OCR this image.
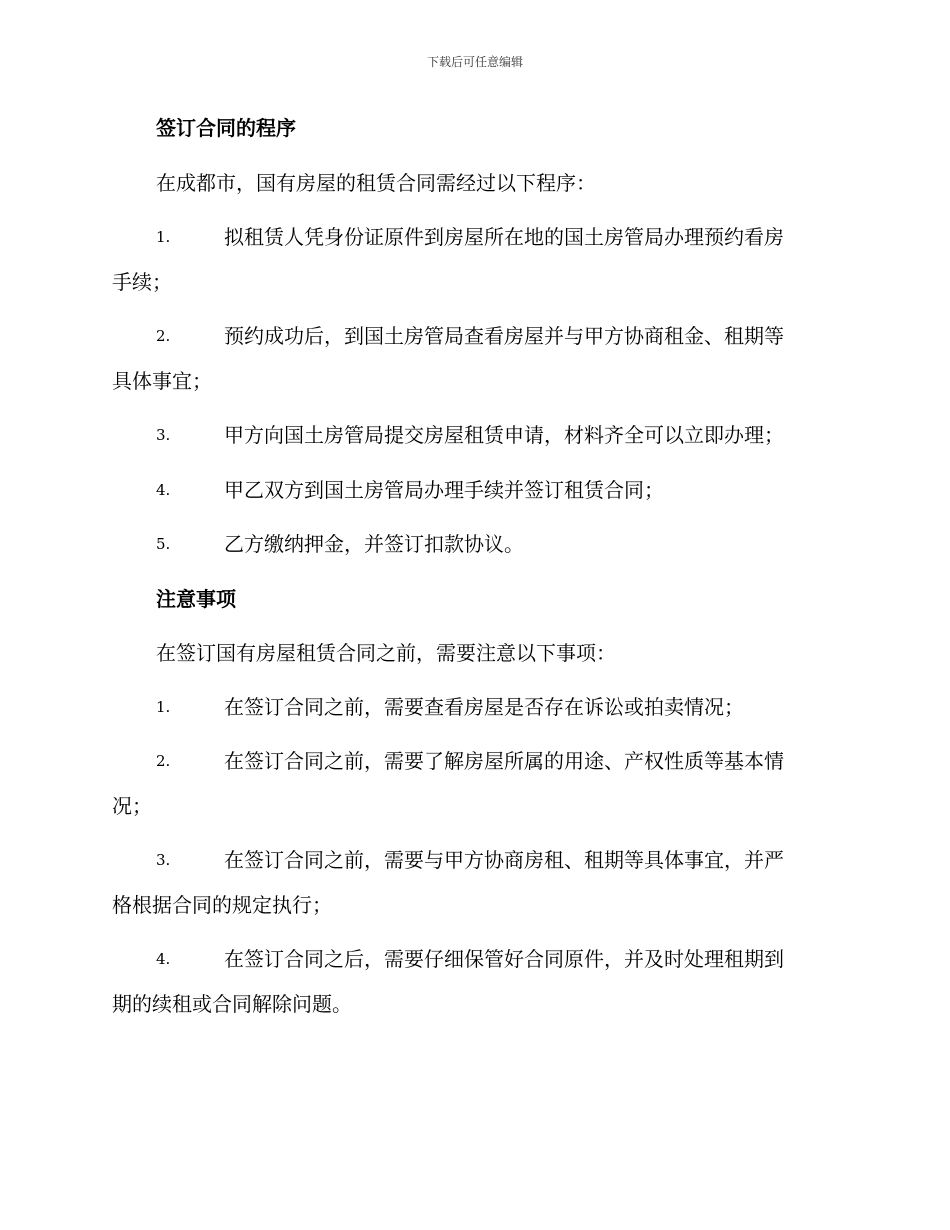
下载后可任意编辑
签订合同的程序
在成都市，国有房屋的租赁合同需经过以下程序：
1.	拟租赁人凭身份证原件到房屋所在地的国土房管局办理预约看房
手续；
2.	预约成功后，到国土房管局查看房屋并与甲方协商租金、租期等
具体事宜；
3.	甲方向国土房管局提交房屋租赁申请，材料齐全可以立即办理；
4.	甲乙双方到国土房管局办理手续并签订租赁合同；
5.	乙方缴纳押金，并签订扣款协议。
注意事项
在签订国有房屋租赁合同之前，需要注意以下事项：
1.	在签订合同之前，需要查看房屋是否存在诉讼或拍卖情况；
2.	在签订合同之前，需要了解房屋所属的用途、产权性质等基本情
况；
3.	在签订合同之前，需要与甲方协商房租、租期等具体事宜，并严
格根据合同的规定执行；
4.	在签订合同之后，需要仔细保管好合同原件，并及时处理租期到
期的续租或合同解除问题。
